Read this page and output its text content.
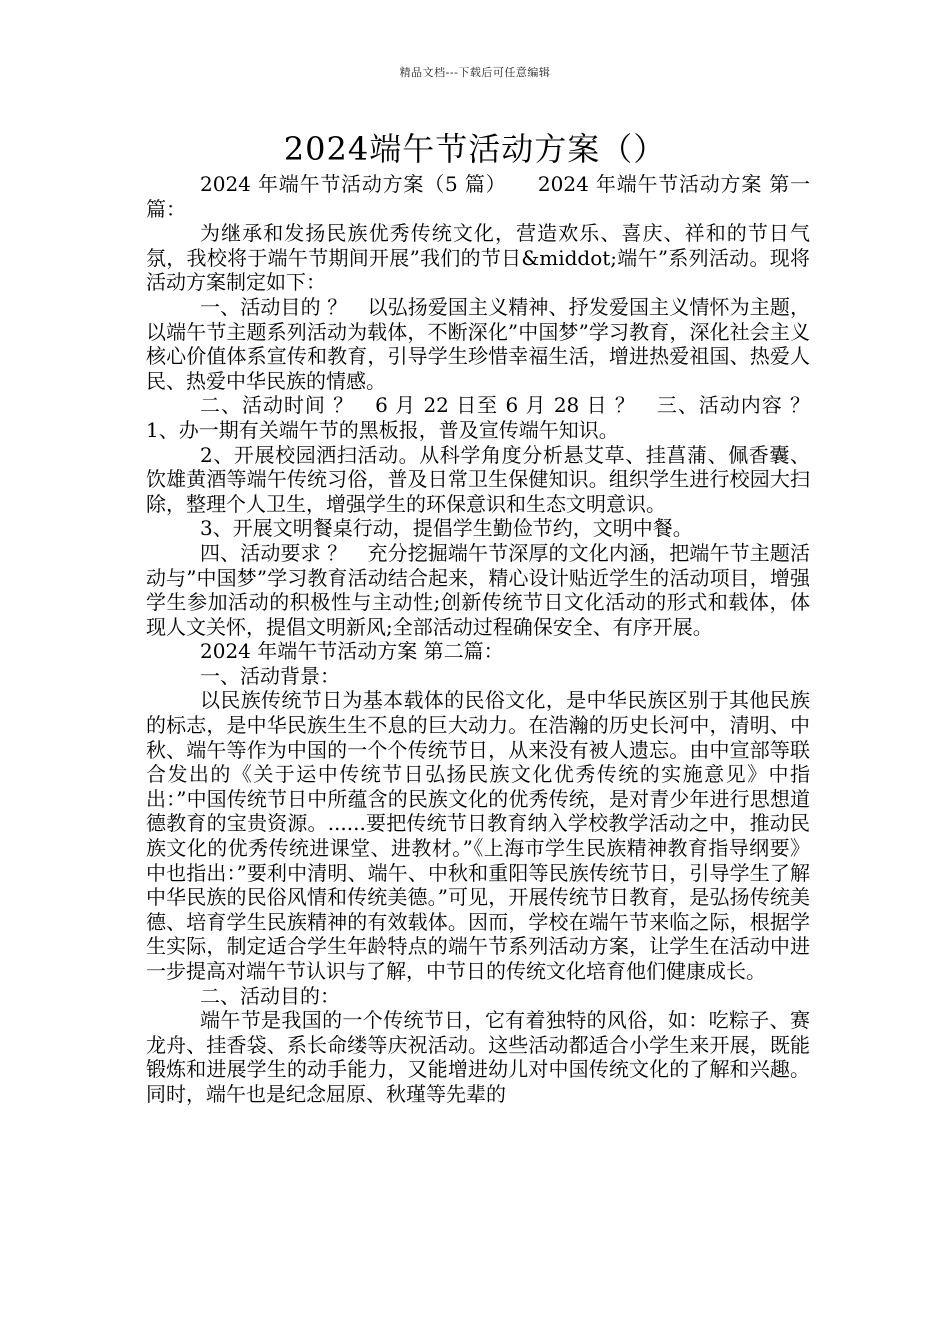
精品文档---下载后可任意编辑
2024端午节活动方案（）

2024 年端午节活动方案（5 篇）　　2024 年端午节活动方案 第一篇：

为继承和发扬民族优秀传统文化，营造欢乐、喜庆、祥和的节日气氛，我校将于端午节期间开展”我们的节日&middot;端午”系列活动。现将活动方案制定如下：

一、活动目的 ？　以弘扬爱国主义精神、抒发爱国主义情怀为主题，以端午节主题系列活动为载体，不断深化”中国梦”学习教育，深化社会主义核心价值体系宣传和教育，引导学生珍惜幸福生活，增进热爱祖国、热爱人民、热爱中华民族的情感。

二、活动时间 ？　6 月 22 日至 6 月 28 日 ？　三、活动内容 ？　1、办一期有关端午节的黑板报，普及宣传端午知识。

2、开展校园洒扫活动。从科学角度分析悬艾草、挂菖蒲、佩香囊、饮雄黄酒等端午传统习俗，普及日常卫生保健知识。组织学生进行校园大扫除，整理个人卫生，增强学生的环保意识和生态文明意识。

3、开展文明餐桌行动，提倡学生勤俭节约，文明中餐。

四、活动要求 ？　充分挖掘端午节深厚的文化内涵，把端午节主题活动与”中国梦”学习教育活动结合起来，精心设计贴近学生的活动项目，增强学生参加活动的积极性与主动性;创新传统节日文化活动的形式和载体，体现人文关怀，提倡文明新风;全部活动过程确保安全、有序开展。

2024 年端午节活动方案 第二篇：

一、活动背景：

以民族传统节日为基本载体的民俗文化，是中华民族区别于其他民族的标志，是中华民族生生不息的巨大动力。在浩瀚的历史长河中，清明、中秋、端午等作为中国的一个个传统节日，从来没有被人遗忘。由中宣部等联合发出的《关于运中传统节日弘扬民族文化优秀传统的实施意见》中指出：”中国传统节日中所蕴含的民族文化的优秀传统，是对青少年进行思想道德教育的宝贵资源。......要把传统节日教育纳入学校教学活动之中，推动民族文化的优秀传统进课堂、进教材。”《上海市学生民族精神教育指导纲要》中也指出：”要利中清明、端午、中秋和重阳等民族传统节日，引导学生了解中华民族的民俗风情和传统美德。”可见，开展传统节日教育，是弘扬传统美德、培育学生民族精神的有效载体。因而，学校在端午节来临之际，根据学生实际，制定适合学生年龄特点的端午节系列活动方案，让学生在活动中进一步提高对端午节认识与了解，中节日的传统文化培育他们健康成长。

二、活动目的：

端午节是我国的一个传统节日，它有着独特的风俗，如：吃粽子、赛龙舟、挂香袋、系长命缕等庆祝活动。这些活动都适合小学生来开展，既能锻炼和进展学生的动手能力，又能增进幼儿对中国传统文化的了解和兴趣。同时，端午也是纪念屈原、秋瑾等先辈的
